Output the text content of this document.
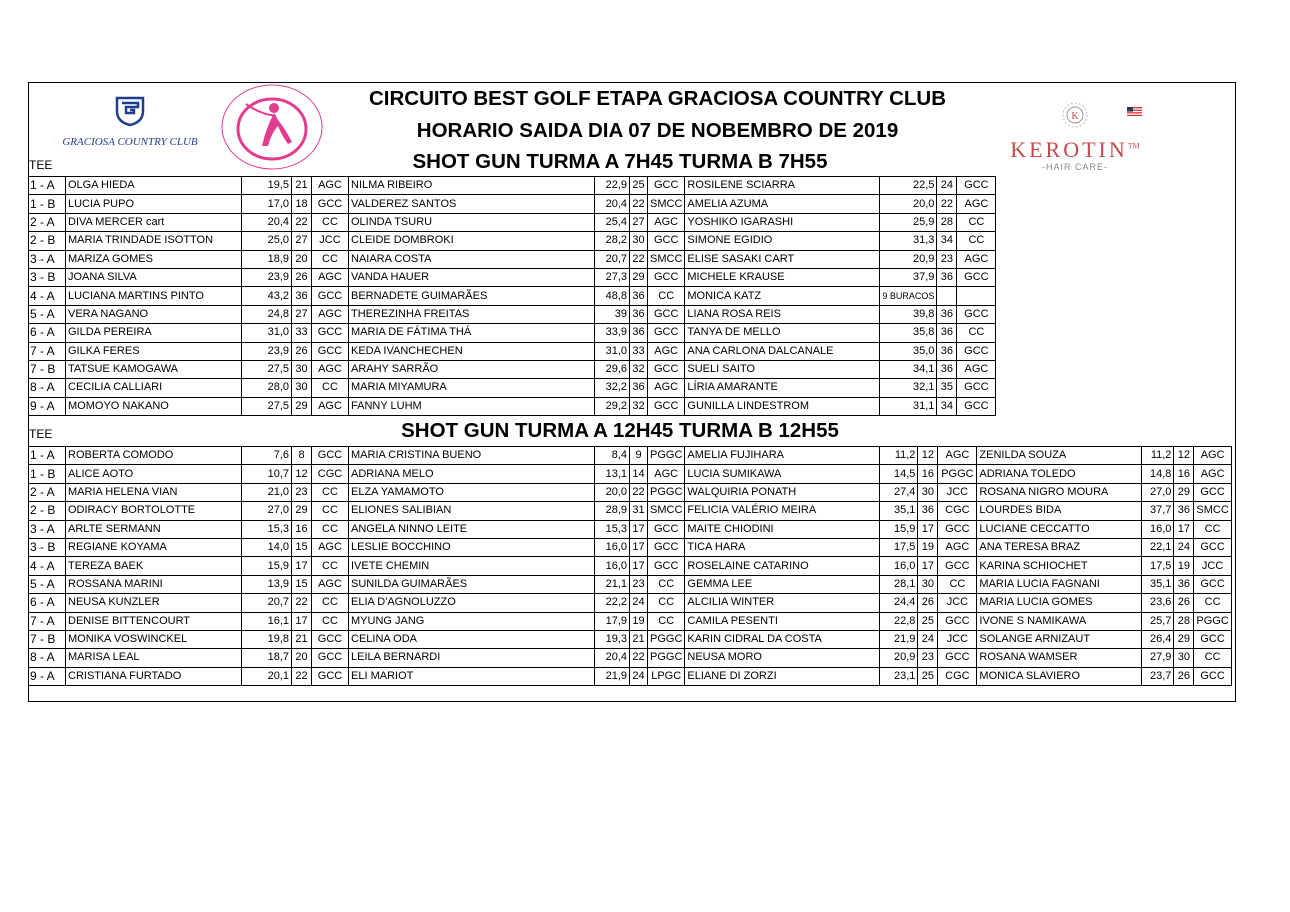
GRACIOSA COUNTRY CLUB
K
KEROTIN™
-HAIR CARE-
CIRCUITO BEST GOLF ETAPA GRACIOSA COUNTRY CLUB
HORARIO SAIDA DIA 07 DE NOBEMBRO DE 2019
SHOT GUN TURMA A 7H45 TURMA B 7H55
TEE
1 - A	OLGA HIEDA	19,5	21	AGC	NILMA RIBEIRO	22,9	25	GCC	ROSILENE SCIARRA	22,5	24	GCC
1 - B	LUCIA PUPO	17,0	18	GCC	VALDEREZ SANTOS	20,4	22	SMCC	AMELIA AZUMA	20,0	22	AGC
2 - A	DIVA MERCER cart	20,4	22	CC	OLINDA TSURU	25,4	27	AGC	YOSHIKO IGARASHI	25,9	28	CC
2 - B	MARIA TRINDADE ISOTTON	25,0	27	JCC	CLEIDE DOMBROKI	28,2	30	GCC	SIMONE EGIDIO	31,3	34	CC
3 - A	MARIZA GOMES	18,9	20	CC	NAIARA COSTA	20,7	22	SMCC	ELISE SASAKI CART	20,9	23	AGC
3 - B	JOANA SILVA	23,9	26	AGC	VANDA HAUER	27,3	29	GCC	MICHELE KRAUSE	37,9	36	GCC
4 - A	LUCIANA MARTINS PINTO	43,2	36	GCC	BERNADETE GUIMARÃES	48,8	36	CC	MONICA KATZ	9 BURACOS		
5 - A	VERA NAGANO	24,8	27	AGC	THEREZINHA FREITAS	39	36	GCC	LIANA ROSA REIS	39,8	36	GCC
6 - A	GILDA PEREIRA	31,0	33	GCC	MARIA DE FÁTIMA THÁ	33,9	36	GCC	TANYA DE MELLO	35,8	36	CC
7 - A	GILKA FERES	23,9	26	GCC	KEDA IVANCHECHEN	31,0	33	AGC	ANA CARLONA DALCANALE	35,0	36	GCC
7 - B	TATSUE KAMOGAWA	27,5	30	AGC	ARAHY SARRÃO	29,6	32	GCC	SUELI SAITO	34,1	36	AGC
8 - A	CECILIA CALLIARI	28,0	30	CC	MARIA MIYAMURA	32,2	36	AGC	LÍRIA AMARANTE	32,1	35	GCC
9 - A	MOMOYO NAKANO	27,5	29	AGC	FANNY LUHM	29,2	32	GCC	GUNILLA LINDESTROM	31,1	34	GCC
TEE	SHOT GUN TURMA A 12H45 TURMA B 12H55
1 - A	ROBERTA COMODO	7,6	8	GCC	MARIA CRISTINA BUENO	8,4	9	PGGC	AMELIA FUJIHARA	11,2	12	AGC	ZENILDA SOUZA	11,2	12	AGC
1 - B	ALICE AOTO	10,7	12	CGC	ADRIANA MELO	13,1	14	AGC	LUCIA SUMIKAWA	14,5	16	PGGC	ADRIANA TOLEDO	14,8	16	AGC
2 - A	MARIA HELENA VIAN	21,0	23	CC	ELZA YAMAMOTO	20,0	22	PGGC	WALQUIRIA PONATH	27,4	30	JCC	ROSANA NIGRO MOURA	27,0	29	GCC
2 - B	ODIRACY BORTOLOTTE	27,0	29	CC	ELIONES SALIBIAN	28,9	31	SMCC	FELICIA VALÉRIO MEIRA	35,1	36	CGC	LOURDES BIDA	37,7	36	SMCC
3 - A	ARLTE SERMANN	15,3	16	CC	ANGELA NINNO LEITE	15,3	17	GCC	MAITE CHIODINI	15,9	17	GCC	LUCIANE CECCATTO	16,0	17	CC
3 - B	REGIANE KOYAMA	14,0	15	AGC	LESLIE BOCCHINO	16,0	17	GCC	TICA HARA	17,5	19	AGC	ANA TERESA BRAZ	22,1	24	GCC
4 - A	TEREZA BAEK	15,9	17	CC	IVETE CHEMIN	16,0	17	GCC	ROSELAINE CATARINO	16,0	17	GCC	KARINA SCHIOCHET	17,5	19	JCC
5 - A	ROSSANA MARINI	13,9	15	AGC	SUNILDA GUIMARÃES	21,1	23	CC	GEMMA LEE	28,1	30	CC	MARIA LUCIA FAGNANI	35,1	36	GCC
6 - A	NEUSA KUNZLER	20,7	22	CC	ELIA D'AGNOLUZZO	22,2	24	CC	ALCILIA WINTER	24,4	26	JCC	MARIA LUCIA GOMES	23,6	26	CC
7 - A	DENISE BITTENCOURT	16,1	17	CC	MYUNG JANG	17,9	19	CC	CAMILA PESENTI	22,8	25	GCC	IVONE S NAMIKAWA	25,7	28	PGGC
7 - B	MONIKA VOSWINCKEL	19,8	21	GCC	CELINA ODA	19,3	21	PGGC	KARIN CIDRAL DA COSTA	21,9	24	JCC	SOLANGE ARNIZAUT	26,4	29	GCC
8 - A	MARISA LEAL	18,7	20	GCC	LEILA BERNARDI	20,4	22	PGGC	NEUSA MORO	20,9	23	GCC	ROSANA WAMSER	27,9	30	CC
9 - A	CRISTIANA FURTADO	20,1	22	GCC	ELI MARIOT	21,9	24	LPGC	ELIANE DI ZORZI	23,1	25	CGC	MONICA SLAVIERO	23,7	26	GCC
